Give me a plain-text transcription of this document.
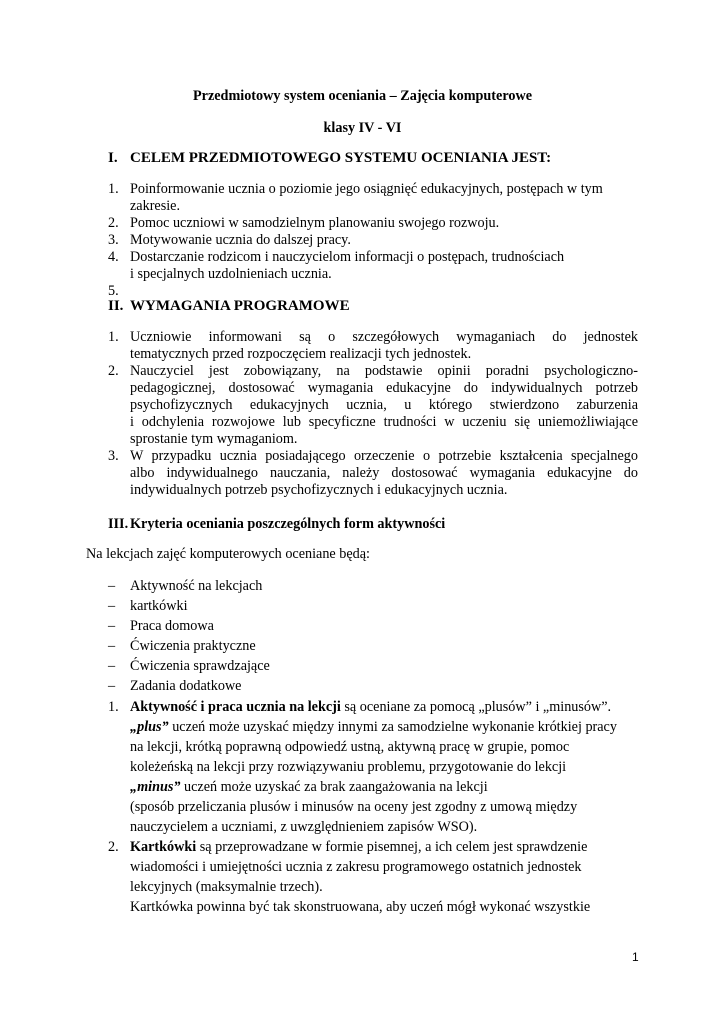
Przedmiotowy system oceniania – Zajęcia komputerowe
klasy IV - VI
I. CELEM PRZEDMIOTOWEGO SYSTEMU OCENIANIA JEST:
1. Poinformowanie ucznia o poziomie jego osiągnięć edukacyjnych, postępach w tym
zakresie.
2. Pomoc uczniowi w samodzielnym planowaniu swojego rozwoju.
3. Motywowanie ucznia do dalszej pracy.
4. Dostarczanie rodzicom i nauczycielom informacji o postępach, trudnościach
i specjalnych uzdolnieniach ucznia.
5.
II. WYMAGANIA PROGRAMOWE
1. Uczniowie informowani są o szczegółowych wymaganiach do jednostek
tematycznych przed rozpoczęciem realizacji tych jednostek.
2. Nauczyciel jest zobowiązany, na podstawie opinii poradni psychologiczno-
pedagogicznej, dostosować wymagania edukacyjne do indywidualnych potrzeb
psychofizycznych edukacyjnych ucznia, u którego stwierdzono zaburzenia
i odchylenia rozwojowe lub specyficzne trudności w uczeniu się uniemożliwiające
sprostanie tym wymaganiom.
3. W przypadku ucznia posiadającego orzeczenie o potrzebie kształcenia specjalnego
albo indywidualnego nauczania, należy dostosować wymagania edukacyjne do
indywidualnych potrzeb psychofizycznych i edukacyjnych ucznia.
III. Kryteria oceniania poszczególnych form aktywności
Na lekcjach zajęć komputerowych oceniane będą:
– Aktywność na lekcjach
– kartkówki
– Praca domowa
– Ćwiczenia praktyczne
– Ćwiczenia sprawdzające
– Zadania dodatkowe
1. Aktywność i praca ucznia na lekcji są oceniane za pomocą „plusów” i „minusów”.
„plus” uczeń może uzyskać między innymi za samodzielne wykonanie krótkiej pracy
na lekcji, krótką poprawną odpowiedź ustną, aktywną pracę w grupie, pomoc
koleżeńską na lekcji przy rozwiązywaniu problemu, przygotowanie do lekcji
„minus” uczeń może uzyskać za brak zaangażowania na lekcji
(sposób przeliczania plusów i minusów na oceny jest zgodny z umową między
nauczycielem a uczniami, z uwzględnieniem zapisów WSO).
2. Kartkówki są przeprowadzane w formie pisemnej, a ich celem jest sprawdzenie
wiadomości i umiejętności ucznia z zakresu programowego ostatnich jednostek
lekcyjnych (maksymalnie trzech).
Kartkówka powinna być tak skonstruowana, aby uczeń mógł wykonać wszystkie
1
